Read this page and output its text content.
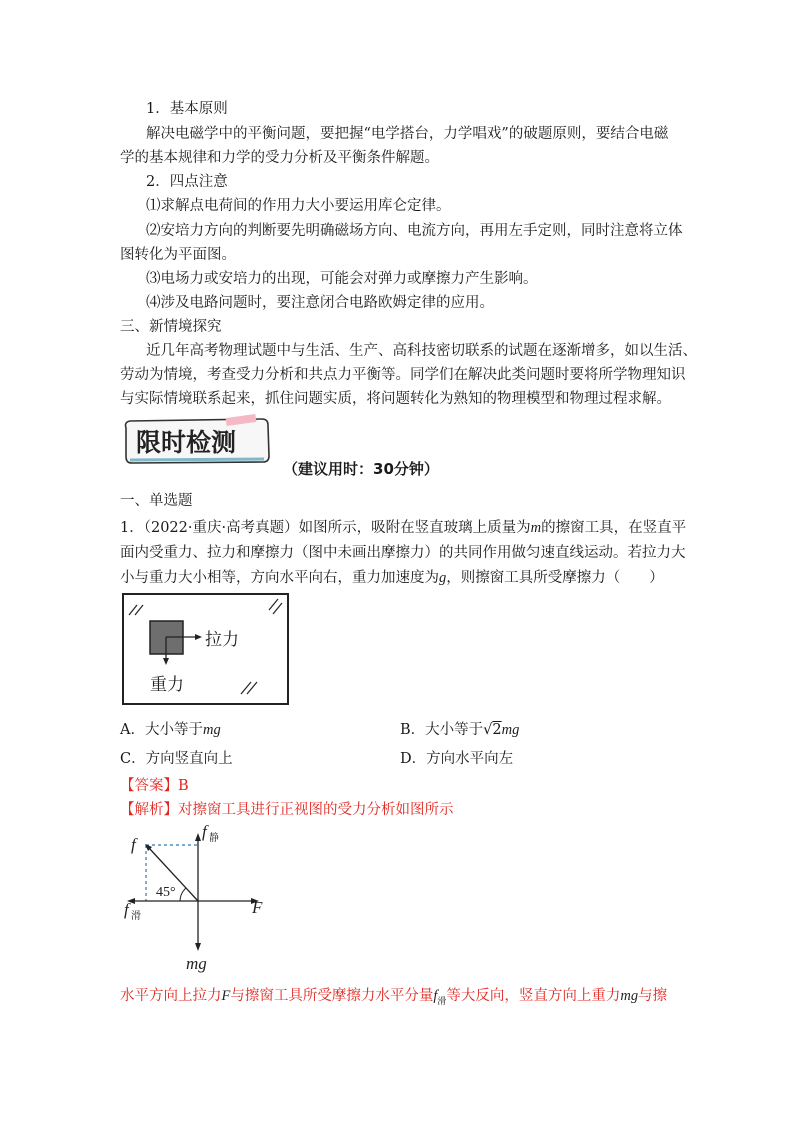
1．基本原则
解决电磁学中的平衡问题，要把握“电学搭台，力学唱戏”的破题原则，要结合电磁
学的基本规律和力学的受力分析及平衡条件解题。
2．四点注意
⑴求解点电荷间的作用力大小要运用库仑定律。
⑵安培力方向的判断要先明确磁场方向、电流方向，再用左手定则，同时注意将立体
图转化为平面图。
⑶电场力或安培力的出现，可能会对弹力或摩擦力产生影响。
⑷涉及电路问题时，要注意闭合电路欧姆定律的应用。
三、新情境探究
近几年高考物理试题中与生活、生产、高科技密切联系的试题在逐渐增多，如以生活、
劳动为情境，考查受力分析和共点力平衡等。同学们在解决此类问题时要将所学物理知识
与实际情境联系起来，抓住问题实质，将问题转化为熟知的物理模型和物理过程求解。
限时检测
（建议用时：30分钟）
一、单选题
1．（2022·重庆·高考真题）如图所示，吸附在竖直玻璃上质量为m的擦窗工具，在竖直平
面内受重力、拉力和摩擦力（图中未画出摩擦力）的共同作用做匀速直线运动。若拉力大
小与重力大小相等，方向水平向右，重力加速度为g，则擦窗工具所受摩擦力（　　）
拉力
重力
A．大小等于mg	B．大小等于√2mg
C．方向竖直向上	D．方向水平向左
【答案】B
【解析】对擦窗工具进行正视图的受力分析如图所示
45°
f
f 静
f 滑	F
mg
水平方向上拉力F与擦窗工具所受摩擦力水平分量$f_滑$等大反向，竖直方向上重力mg与擦
